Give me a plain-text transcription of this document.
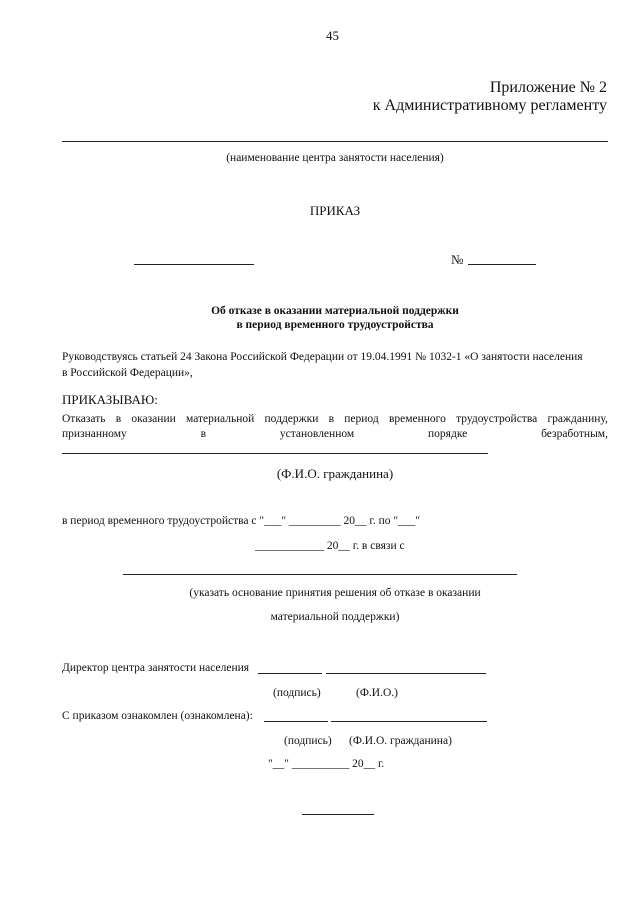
45
Приложение № 2
к Административному регламенту
(наименование центра занятости населения)
ПРИКАЗ
№
Об отказе в оказании материальной поддержки
в период временного трудоустройства
Руководствуясь статьей 24 Закона Российской Федерации от 19.04.1991 № 1032-1 «О занятости населения
в Российской Федерации»,
ПРИКАЗЫВАЮ:
Отказать в оказании материальной поддержки в период временного трудоустройства гражданину,
признанному	в	установленном	порядке	безработным,
(Ф.И.О. гражданина)
в период временного трудоустройства с "___" _________ 20__ г. по "___"
____________ 20__ г. в связи с
(указать основание принятия решения об отказе в оказании
материальной поддержки)
Директор центра занятости населения
(подпись)	(Ф.И.О.)
С приказом ознакомлен (ознакомлена):
(подпись) (Ф.И.О. гражданина)
"__" __________ 20__ г.
